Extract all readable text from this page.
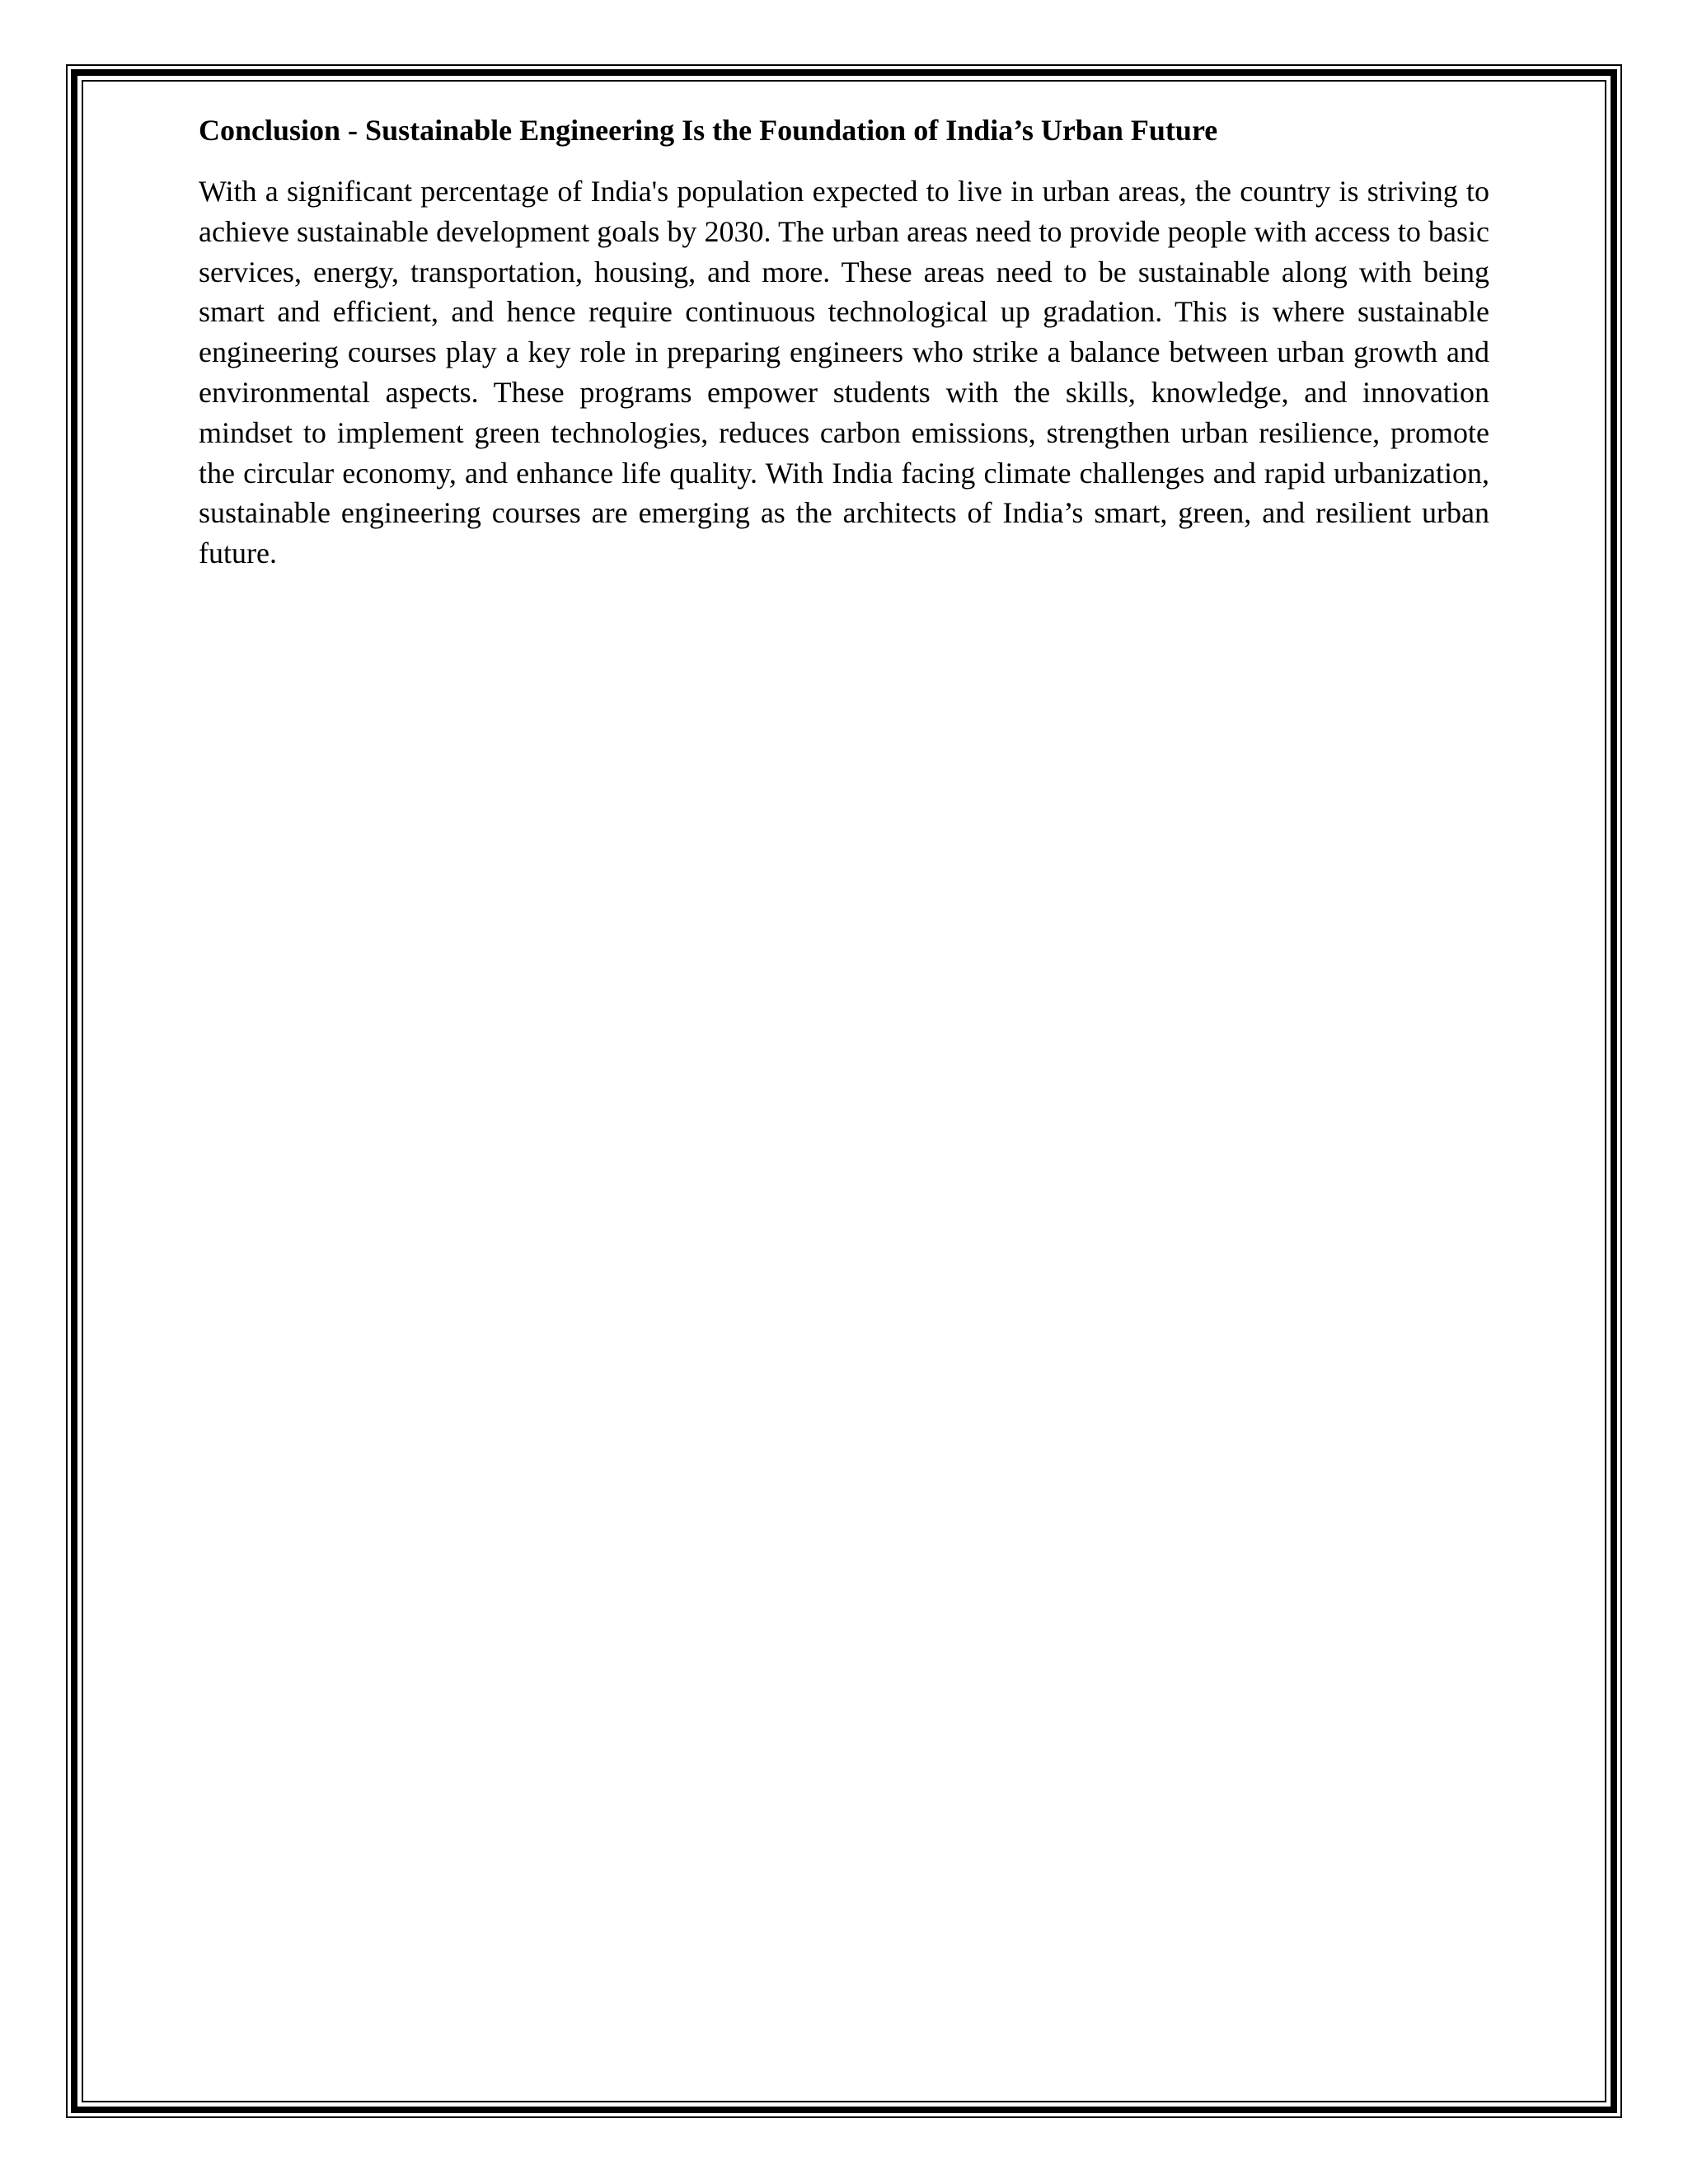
Conclusion - Sustainable Engineering Is the Foundation of India’s Urban Future

With a significant percentage of India's population expected to live in urban areas, the country is striving to achieve sustainable development goals by 2030. The urban areas need to provide people with access to basic services, energy, transportation, housing, and more. These areas need to be sustainable along with being smart and efficient, and hence require continuous technological up gradation. This is where sustainable engineering courses play a key role in preparing engineers who strike a balance between urban growth and environmental aspects. These programs empower students with the skills, knowledge, and innovation mindset to implement green technologies, reduces carbon emissions, strengthen urban resilience, promote the circular economy, and enhance life quality. With India facing climate challenges and rapid urbanization, sustainable engineering courses are emerging as the architects of India’s smart, green, and resilient urban future.
